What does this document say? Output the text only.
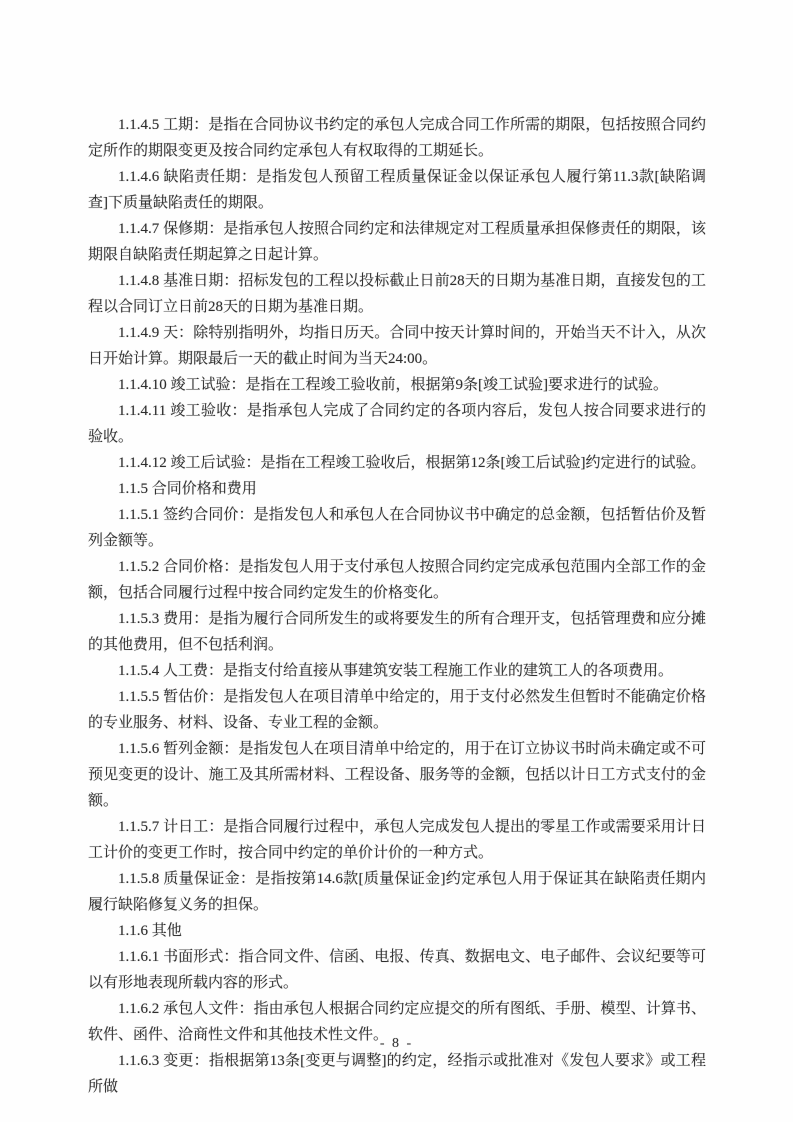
1.1.4.5 工期：是指在合同协议书约定的承包人完成合同工作所需的期限，包括按照合同约定所作的期限变更及按合同约定承包人有权取得的工期延长。

1.1.4.6 缺陷责任期：是指发包人预留工程质量保证金以保证承包人履行第11.3款[缺陷调查]下质量缺陷责任的期限。

1.1.4.7 保修期：是指承包人按照合同约定和法律规定对工程质量承担保修责任的期限，该期限自缺陷责任期起算之日起计算。

1.1.4.8 基准日期：招标发包的工程以投标截止日前28天的日期为基准日期，直接发包的工程以合同订立日前28天的日期为基准日期。

1.1.4.9 天：除特别指明外，均指日历天。合同中按天计算时间的，开始当天不计入，从次日开始计算。期限最后一天的截止时间为当天24:00。

1.1.4.10 竣工试验：是指在工程竣工验收前，根据第9条[竣工试验]要求进行的试验。

1.1.4.11 竣工验收：是指承包人完成了合同约定的各项内容后，发包人按合同要求进行的验收。

1.1.4.12 竣工后试验：是指在工程竣工验收后，根据第12条[竣工后试验]约定进行的试验。

1.1.5 合同价格和费用

1.1.5.1 签约合同价：是指发包人和承包人在合同协议书中确定的总金额，包括暂估价及暂列金额等。

1.1.5.2 合同价格：是指发包人用于支付承包人按照合同约定完成承包范围内全部工作的金额，包括合同履行过程中按合同约定发生的价格变化。

1.1.5.3 费用：是指为履行合同所发生的或将要发生的所有合理开支，包括管理费和应分摊的其他费用，但不包括利润。

1.1.5.4 人工费：是指支付给直接从事建筑安装工程施工作业的建筑工人的各项费用。

1.1.5.5 暂估价：是指发包人在项目清单中给定的，用于支付必然发生但暂时不能确定价格的专业服务、材料、设备、专业工程的金额。

1.1.5.6 暂列金额：是指发包人在项目清单中给定的，用于在订立协议书时尚未确定或不可预见变更的设计、施工及其所需材料、工程设备、服务等的金额，包括以计日工方式支付的金额。

1.1.5.7 计日工：是指合同履行过程中，承包人完成发包人提出的零星工作或需要采用计日工计价的变更工作时，按合同中约定的单价计价的一种方式。

1.1.5.8 质量保证金：是指按第14.6款[质量保证金]约定承包人用于保证其在缺陷责任期内履行缺陷修复义务的担保。

1.1.6 其他

1.1.6.1 书面形式：指合同文件、信函、电报、传真、数据电文、电子邮件、会议纪要等可以有形地表现所载内容的形式。

1.1.6.2 承包人文件：指由承包人根据合同约定应提交的所有图纸、手册、模型、计算书、软件、函件、洽商性文件和其他技术性文件。

1.1.6.3 变更：指根据第13条[变更与调整]的约定，经指示或批准对《发包人要求》或工程所做

- 8 -
